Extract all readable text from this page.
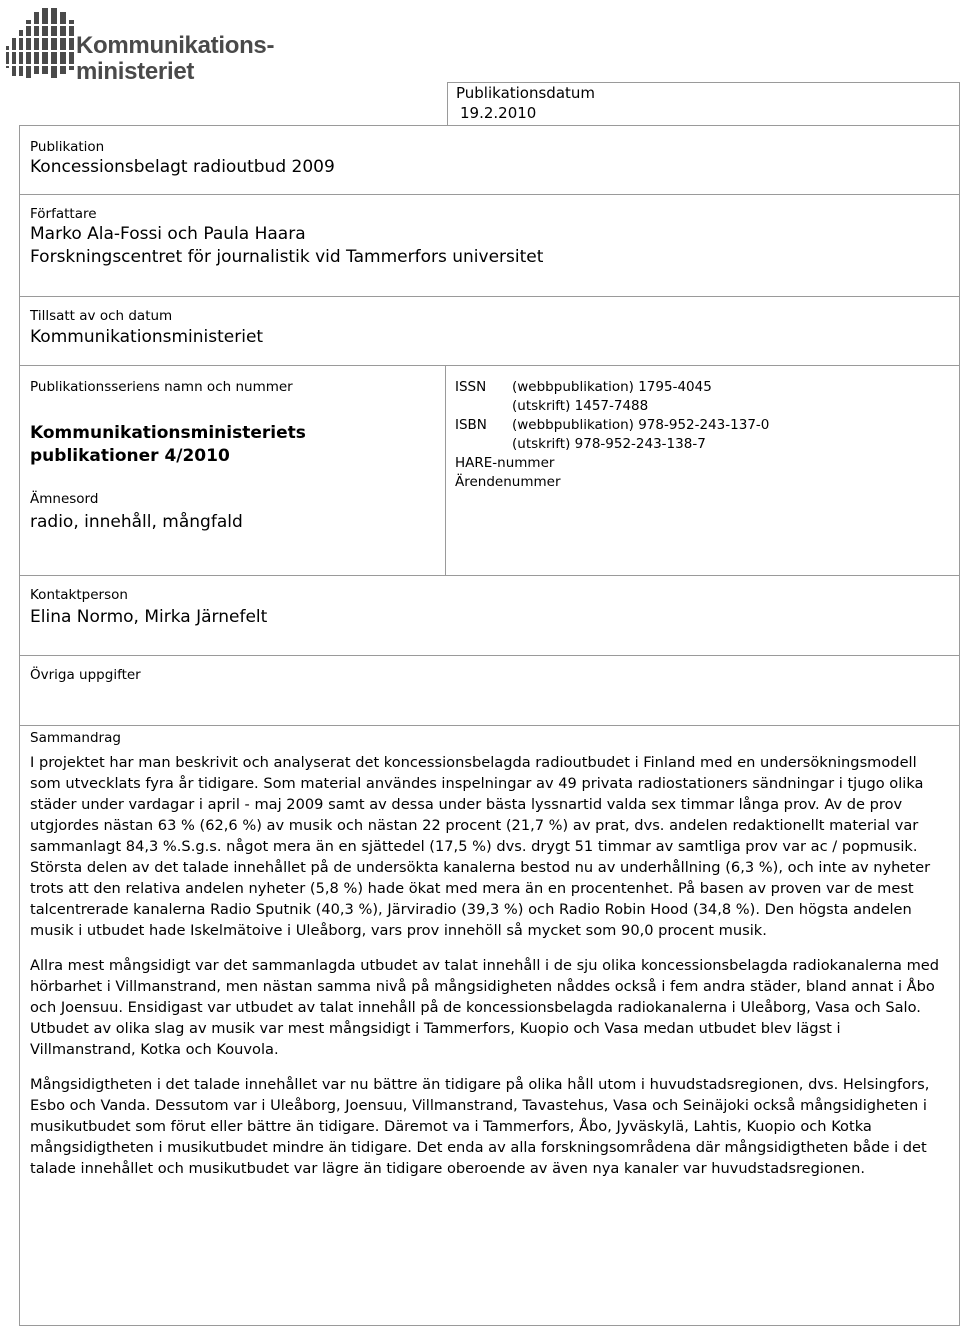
Kommunikations-
ministeriet
Publikationsdatum
19.2.2010
Publikation
Koncessionsbelagt radioutbud 2009
Författare
Marko Ala-Fossi och Paula Haara
Forskningscentret för journalistik vid Tammerfors universitet
Tillsatt av och datum
Kommunikationsministeriet
Publikationsseriens namn och nummer
Kommunikationsministeriets
publikationer 4/2010
Ämnesord
radio, innehåll, mångfald
ISSN (webbpublikation) 1795-4045
(utskrift) 1457-7488
ISBN (webbpublikation) 978-952-243-137-0
(utskrift) 978-952-243-138-7
HARE-nummer
Ärendenummer
Kontaktperson
Elina Normo, Mirka Järnefelt
Övriga uppgifter
Sammandrag

I projektet har man beskrivit och analyserat det koncessionsbelagda radioutbudet i Finland med en undersökningsmodell som utvecklats fyra år tidigare. Som material användes inspelningar av 49 privata radiostationers sändningar i tjugo olika städer under vardagar i april - maj 2009 samt av dessa under bästa lyssnartid valda sex timmar långa prov. Av de prov utgjordes nästan 63 % (62,6 %) av musik och nästan 22 procent (21,7 %) av prat, dvs. andelen redaktionellt material var sammanlagt 84,3 %.S.g.s. något mera än en sjättedel (17,5 %) dvs. drygt 51 timmar av samtliga prov var ac / popmusik. Största delen av det talade innehållet på de undersökta kanalerna bestod nu av underhållning (6,3 %), och inte av nyheter trots att den relativa andelen nyheter (5,8 %) hade ökat med mera än en procentenhet. På basen av proven var de mest talcentrerade kanalerna Radio Sputnik (40,3 %), Järviradio (39,3 %) och Radio Robin Hood (34,8 %). Den högsta andelen musik i utbudet hade Iskelmätoive i Uleåborg, vars prov innehöll så mycket som 90,0 procent musik.

Allra mest mångsidigt var det sammanlagda utbudet av talat innehåll i de sju olika koncessionsbelagda radiokanalerna med hörbarhet i Villmanstrand, men nästan samma nivå på mångsidigheten nåddes också i fem andra städer, bland annat i Åbo och Joensuu. Ensidigast var utbudet av talat innehåll på de koncessionsbelagda radiokanalerna i Uleåborg, Vasa och Salo. Utbudet av olika slag av musik var mest mångsidigt i Tammerfors, Kuopio och Vasa medan utbudet blev lägst i Villmanstrand, Kotka och Kouvola.

Mångsidigtheten i det talade innehållet var nu bättre än tidigare på olika håll utom i huvudstadsregionen, dvs. Helsingfors, Esbo och Vanda. Dessutom var i Uleåborg, Joensuu, Villmanstrand, Tavastehus, Vasa och Seinäjoki också mångsidigheten i musikutbudet som förut eller bättre än tidigare. Däremot va i Tammerfors, Åbo, Jyväskylä, Lahtis, Kuopio och Kotka mångsidigtheten i musikutbudet mindre än tidigare. Det enda av alla forskningsområdena där mångsidigtheten både i det talade innehållet och musikutbudet var lägre än tidigare oberoende av även nya kanaler var huvudstadsregionen.
